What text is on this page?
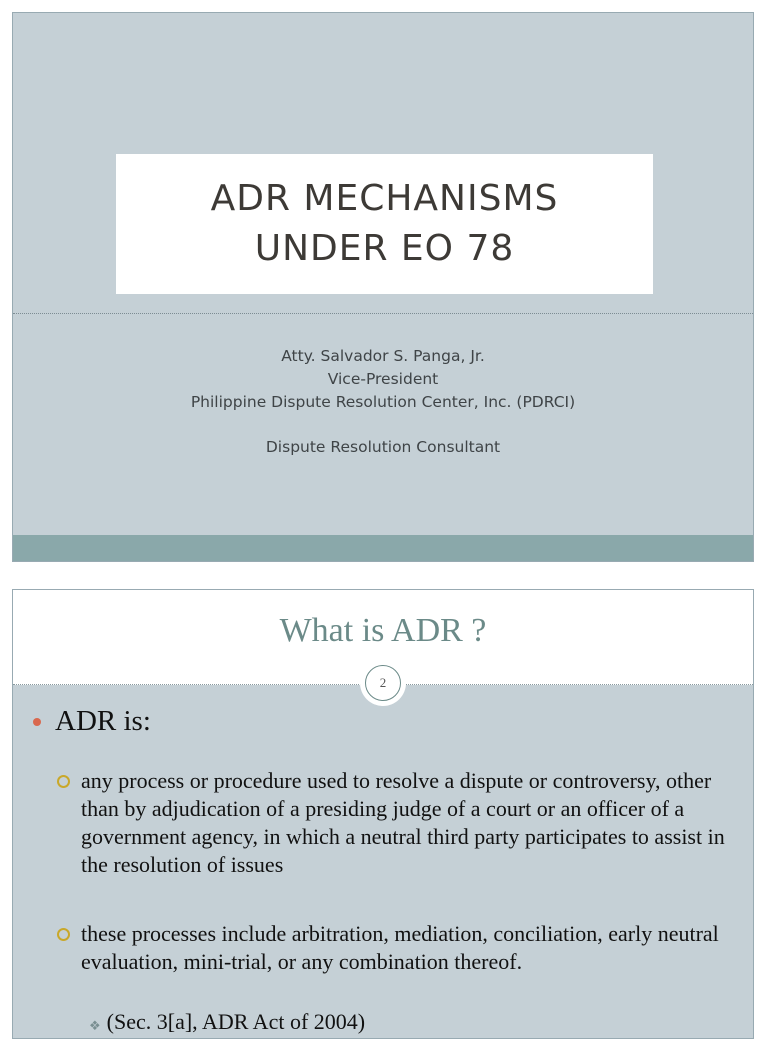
ADR MECHANISMS
UNDER EO 78
Atty. Salvador S. Panga, Jr.
Vice-President
Philippine Dispute Resolution Center, Inc. (PDRCI)
Dispute Resolution Consultant
What is ADR ?
2
ADR is:
any process or procedure used to resolve a dispute or controversy, other than by adjudication of a presiding judge of a court or an officer of a government agency, in which a neutral third party participates to assist in the resolution of issues
these processes include arbitration, mediation, conciliation, early neutral evaluation, mini-trial, or any combination thereof.
❖ (Sec. 3[a], ADR Act of 2004)
